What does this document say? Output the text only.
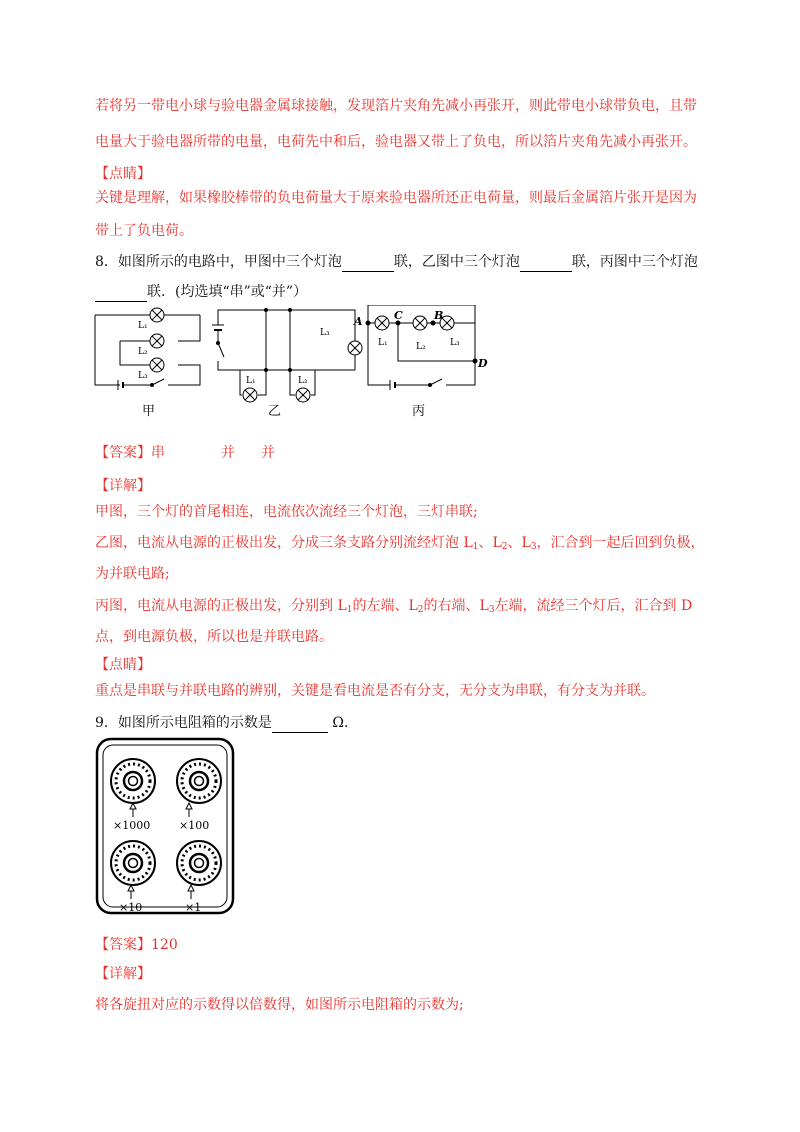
若将另一带电小球与验电器金属球接触，发现箔片夹角先减小再张开，则此带电小球带负电，且带
电量大于验电器所带的电量，电荷先中和后，验电器又带上了负电，所以箔片夹角先减小再张开。
【点睛】
关键是理解，如果橡胶棒带的负电荷量大于原来验电器所还正电荷量，则最后金属箔片张开是因为
带上了负电荷。
8．如图所示的电路中，甲图中三个灯泡	联，乙图中三个灯泡	联，丙图中三个灯泡
联．(均选填“串”或“并”）
L₁
L₂
L₃
甲
L₃
L₁	L₂
乙
A	C	B
D
L₁	L₂	L₃
丙
【答案】串	并 并
【详解】
甲图，三个灯的首尾相连，电流依次流经三个灯泡，三灯串联;
乙图，电流从电源的正极出发，分成三条支路分别流经灯泡 $L_1$、$L_2$、$L_3$，汇合到一起后回到负极，
为并联电路;
丙图，电流从电源的正极出发，分别到 $L_1$的左端、$L_2$的右端、$L_3$左端，流经三个灯后，汇合到 D
点，到电源负极，所以也是并联电路。
【点睛】
重点是串联与并联电路的辨别，关键是看电流是否有分支，无分支为串联，有分支为并联。
9．如图所示电阻箱的示数是	Ω．
×1000	×100
×10	×1
【答案】120
【详解】
将各旋扭对应的示数得以倍数得，如图所示电阻箱的示数为;
